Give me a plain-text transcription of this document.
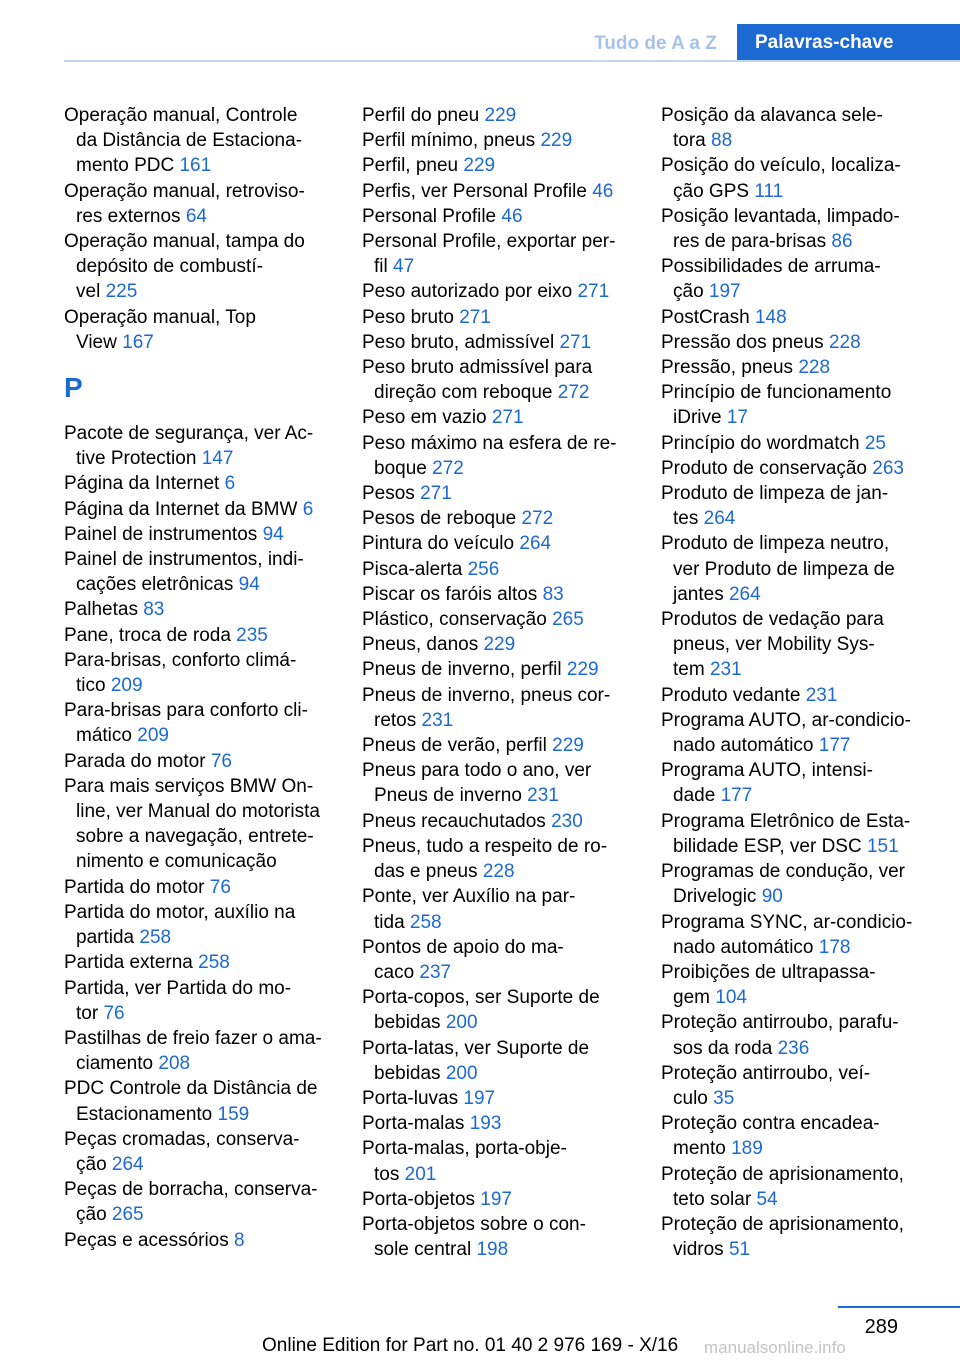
Tudo de A a Z	Palavras-chave
Operação manual, Controle
da Distância de Estaciona-
mento PDC 161
Operação manual, retroviso-
res externos 64
Operação manual, tampa do
depósito de combustí-
vel 225
Operação manual, Top
View 167
P
Pacote de segurança, ver Ac-
tive Protection 147
Página da Internet 6
Página da Internet da BMW 6
Painel de instrumentos 94
Painel de instrumentos, indi-
cações eletrônicas 94
Palhetas 83
Pane, troca de roda 235
Para-brisas, conforto climá-
tico 209
Para-brisas para conforto cli-
mático 209
Parada do motor 76
Para mais serviços BMW On-
line, ver Manual do motorista
sobre a navegação, entrete-
nimento e comunicação
Partida do motor 76
Partida do motor, auxílio na
partida 258
Partida externa 258
Partida, ver Partida do mo-
tor 76
Pastilhas de freio fazer o ama-
ciamento 208
PDC Controle da Distância de
Estacionamento 159
Peças cromadas, conserva-
ção 264
Peças de borracha, conserva-
ção 265
Peças e acessórios 8
Perfil do pneu 229
Perfil mínimo, pneus 229
Perfil, pneu 229
Perfis, ver Personal Profile 46
Personal Profile 46
Personal Profile, exportar per-
fil 47
Peso autorizado por eixo 271
Peso bruto 271
Peso bruto, admissível 271
Peso bruto admissível para
direção com reboque 272
Peso em vazio 271
Peso máximo na esfera de re-
boque 272
Pesos 271
Pesos de reboque 272
Pintura do veículo 264
Pisca-alerta 256
Piscar os faróis altos 83
Plástico, conservação 265
Pneus, danos 229
Pneus de inverno, perfil 229
Pneus de inverno, pneus cor-
retos 231
Pneus de verão, perfil 229
Pneus para todo o ano, ver
Pneus de inverno 231
Pneus recauchutados 230
Pneus, tudo a respeito de ro-
das e pneus 228
Ponte, ver Auxílio na par-
tida 258
Pontos de apoio do ma-
caco 237
Porta-copos, ser Suporte de
bebidas 200
Porta-latas, ver Suporte de
bebidas 200
Porta-luvas 197
Porta-malas 193
Porta-malas, porta-obje-
tos 201
Porta-objetos 197
Porta-objetos sobre o con-
sole central 198
Posição da alavanca sele-
tora 88
Posição do veículo, localiza-
ção GPS 111
Posição levantada, limpado-
res de para-brisas 86
Possibilidades de arruma-
ção 197
PostCrash 148
Pressão dos pneus 228
Pressão, pneus 228
Princípio de funcionamento
iDrive 17
Princípio do wordmatch 25
Produto de conservação 263
Produto de limpeza de jan-
tes 264
Produto de limpeza neutro,
ver Produto de limpeza de
jantes 264
Produtos de vedação para
pneus, ver Mobility Sys-
tem 231
Produto vedante 231
Programa AUTO, ar-condicio-
nado automático 177
Programa AUTO, intensi-
dade 177
Programa Eletrônico de Esta-
bilidade ESP, ver DSC 151
Programas de condução, ver
Drivelogic 90
Programa SYNC, ar-condicio-
nado automático 178
Proibições de ultrapassa-
gem 104
Proteção antirroubo, parafu-
sos da roda 236
Proteção antirroubo, veí-
culo 35
Proteção contra encadea-
mento 189
Proteção de aprisionamento,
teto solar 54
Proteção de aprisionamento,
vidros 51
289
Online Edition for Part no. 01 40 2 976 169 - X/16 manualsonline.info
